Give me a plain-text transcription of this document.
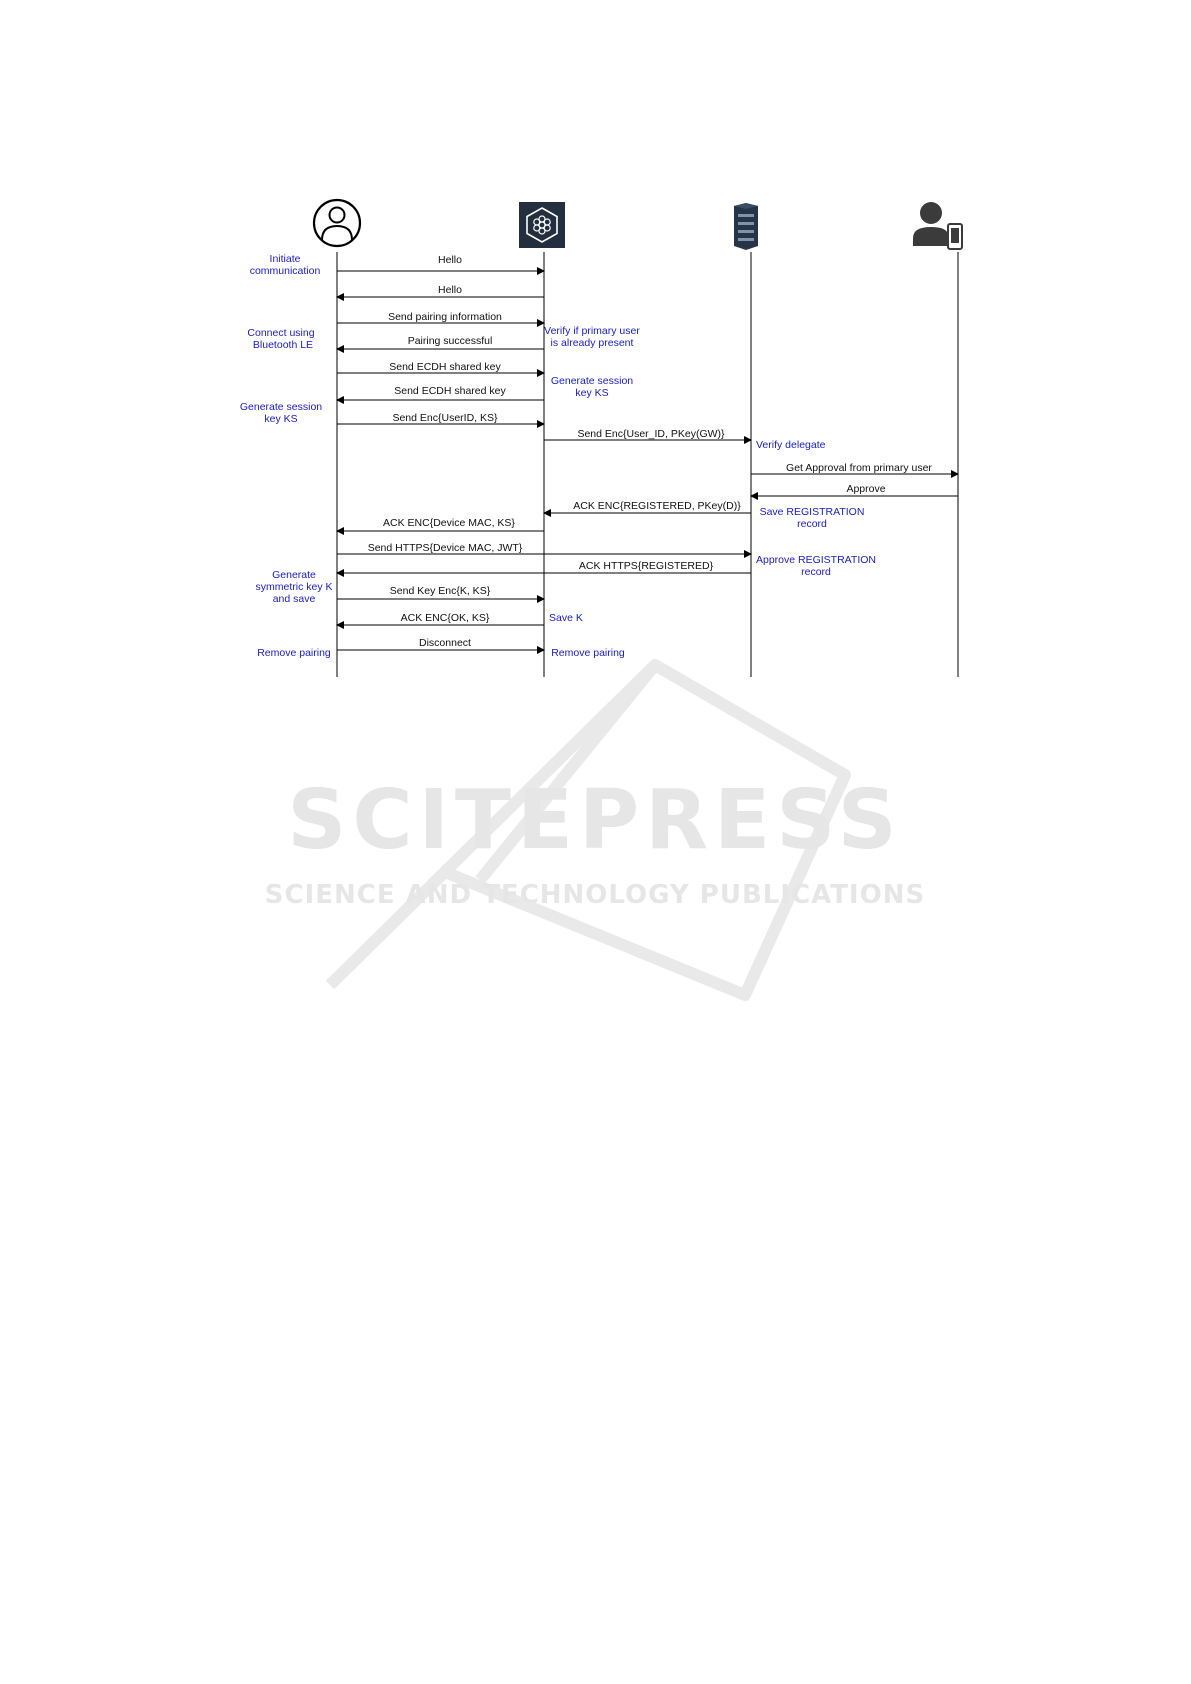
SCITEPRESS
SCIENCE AND TECHNOLOGY PUBLICATIONS
Hello
Hello
Send pairing information
Pairing successful
Send ECDH shared key
Send ECDH shared key
Send Enc{UserID, KS}
Send Enc{User_ID, PKey(GW)}
Get Approval from primary user
Approve
ACK ENC{REGISTERED, PKey(D)}
ACK ENC{Device MAC, KS}
Send HTTPS{Device MAC, JWT}
ACK HTTPS{REGISTERED}
Send Key Enc{K, KS}
ACK ENC{OK, KS}
Disconnect
Initiate
communication
Connect using
Bluetooth LE
Verify if primary user
is already present
Generate session
key KS
Generate session
key KS
Verify delegate
Save REGISTRATION
record
Approve REGISTRATION
record
Generate
symmetric key K
and save
Save K
Remove pairing	Remove pairing
